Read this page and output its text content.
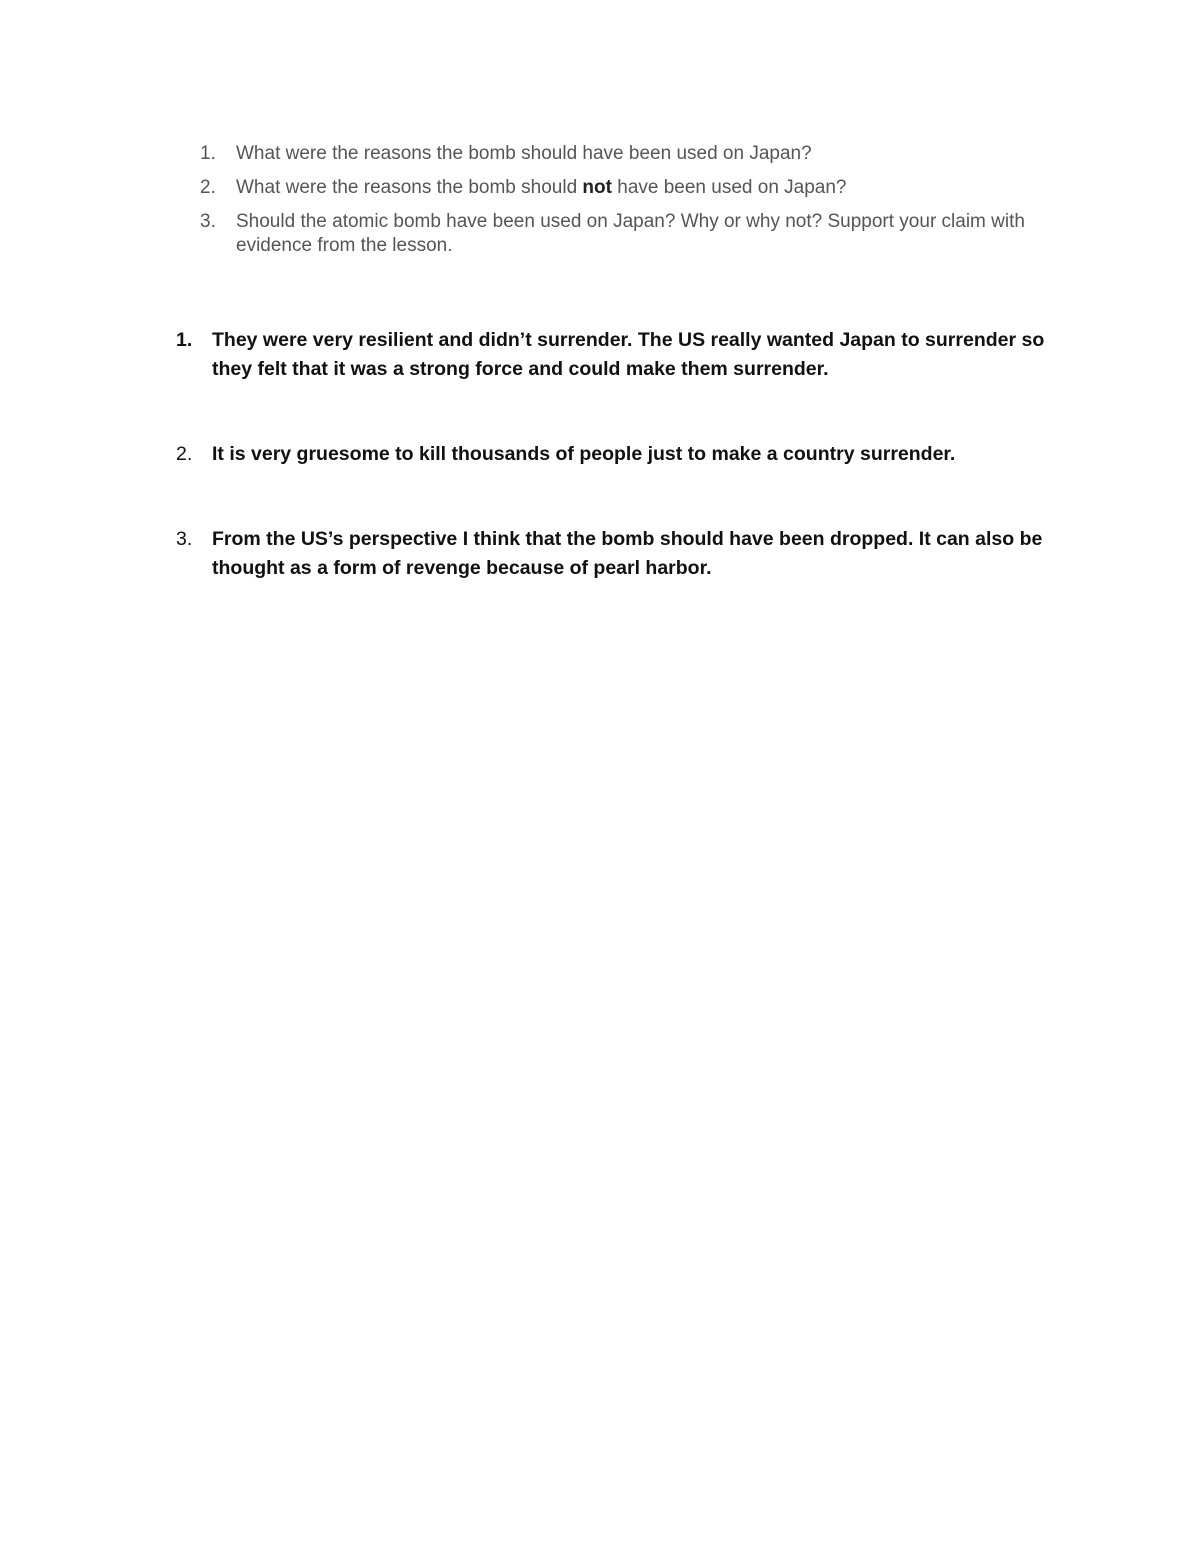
1. What were the reasons the bomb should have been used on Japan?
2. What were the reasons the bomb should not have been used on Japan?
3. Should the atomic bomb have been used on Japan? Why or why not? Support your claim with evidence from the lesson.
1. They were very resilient and didn’t surrender. The US really wanted Japan to surrender so they felt that it was a strong force and could make them surrender.
2. It is very gruesome to kill thousands of people just to make a country surrender.
3. From the US’s perspective I think that the bomb should have been dropped. It can also be thought as a form of revenge because of pearl harbor.
